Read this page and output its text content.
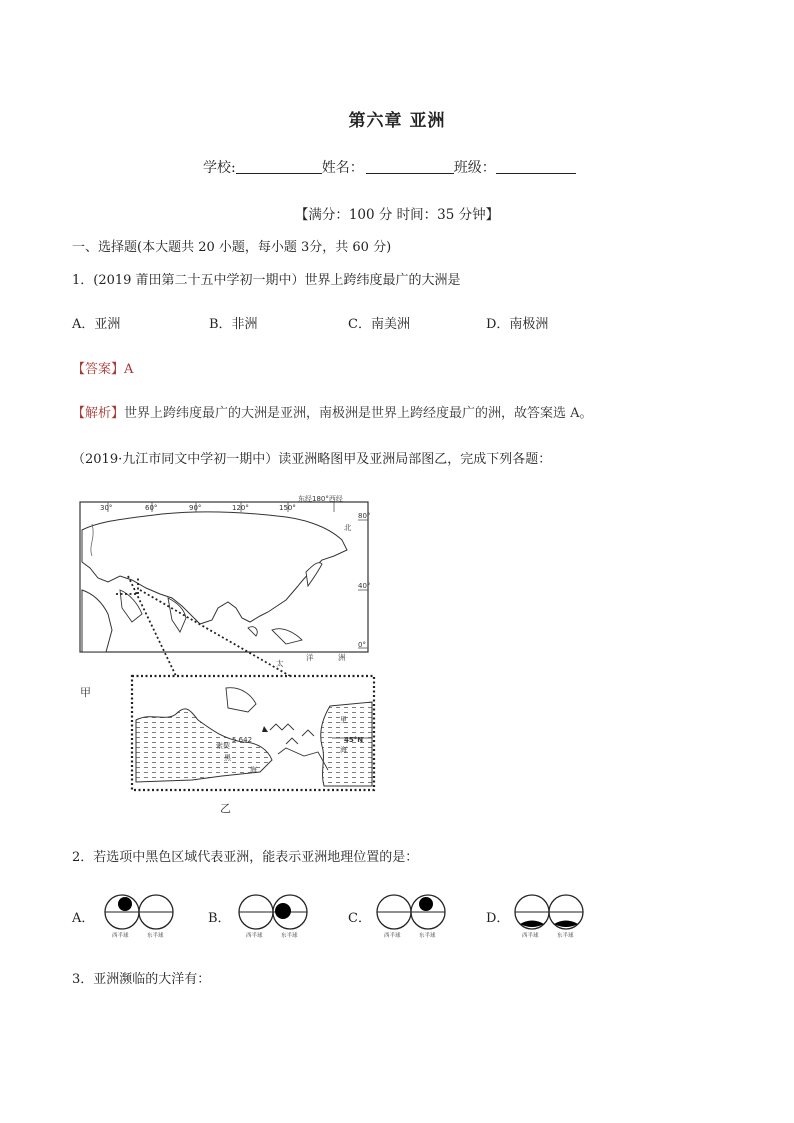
第六章 亚洲
学校:	姓名：	班级：
【满分：100 分 时间：35 分钟】
一、选择题(本大题共 20 小题，每小题 3分，共 60 分)
1．(2019 莆田第二十五中学初一期中）世界上跨纬度最广的大洲是
A．亚洲	B．非洲	C．南美洲	D．南极洲
【答案】A
【解析】世界上跨纬度最广的大洲是亚洲，南极洲是世界上跨经度最广的洲，故答案选 A。
（2019·九江市同文中学初一期中）读亚洲略图甲及亚洲局部图乙，完成下列各题：
30°	60°	90°	120°	150°
东经180°西经
80°
40°
0°
北
太
洋	洲
甲
5 642	45°N
里
海
索契
黑
海
乙
2．若选项中黑色区域代表亚洲，能表示亚洲地理位置的是：
A．	B．	C．	D．
西半球	东半球	西半球	东半球	西半球	东半球	西半球	东半球
3．亚洲濒临的大洋有：
